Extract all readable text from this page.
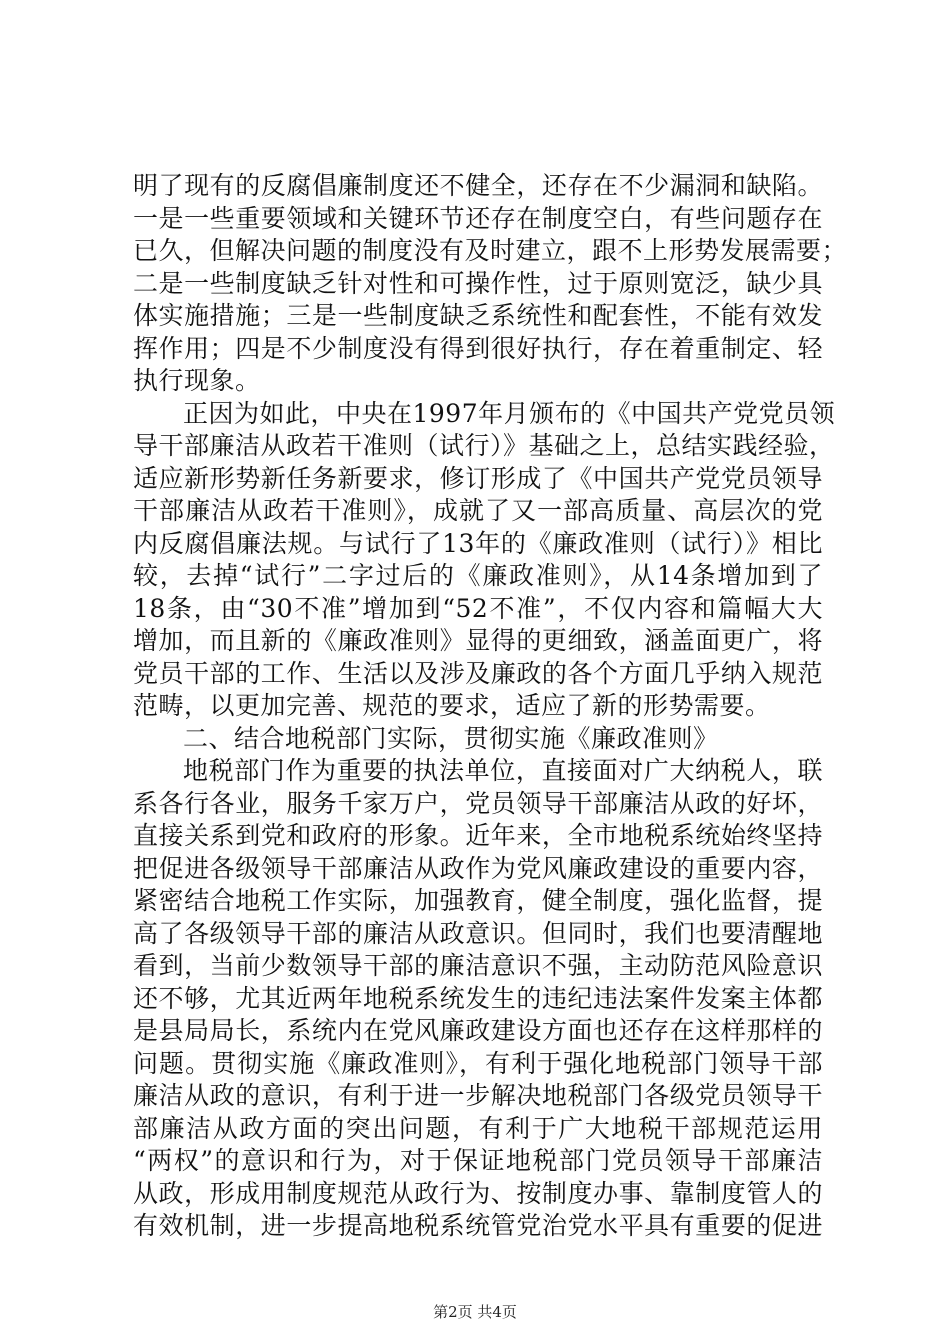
明了现有的反腐倡廉制度还不健全，还存在不少漏洞和缺陷。
一是一些重要领域和关键环节还存在制度空白，有些问题存在
已久，但解决问题的制度没有及时建立，跟不上形势发展需要；
二是一些制度缺乏针对性和可操作性，过于原则宽泛，缺少具
体实施措施；三是一些制度缺乏系统性和配套性，不能有效发
挥作用；四是不少制度没有得到很好执行，存在着重制定、轻
执行现象。
正因为如此，中央在1997年月颁布的《中国共产党党员领
导干部廉洁从政若干准则（试行）》基础之上，总结实践经验，
适应新形势新任务新要求，修订形成了《中国共产党党员领导
干部廉洁从政若干准则》，成就了又一部高质量、高层次的党
内反腐倡廉法规。与试行了13年的《廉政准则（试行）》相比
较，去掉“试行”二字过后的《廉政准则》，从14条增加到了
18条，由“30不准”增加到“52不准”，不仅内容和篇幅大大
增加，而且新的《廉政准则》显得的更细致，涵盖面更广，将
党员干部的工作、生活以及涉及廉政的各个方面几乎纳入规范
范畴，以更加完善、规范的要求，适应了新的形势需要。
二、结合地税部门实际，贯彻实施《廉政准则》
地税部门作为重要的执法单位，直接面对广大纳税人，联
系各行各业，服务千家万户，党员领导干部廉洁从政的好坏，
直接关系到党和政府的形象。近年来，全市地税系统始终坚持
把促进各级领导干部廉洁从政作为党风廉政建设的重要内容，
紧密结合地税工作实际，加强教育，健全制度，强化监督，提
高了各级领导干部的廉洁从政意识。但同时，我们也要清醒地
看到，当前少数领导干部的廉洁意识不强，主动防范风险意识
还不够，尤其近两年地税系统发生的违纪违法案件发案主体都
是县局局长，系统内在党风廉政建设方面也还存在这样那样的
问题。贯彻实施《廉政准则》，有利于强化地税部门领导干部
廉洁从政的意识，有利于进一步解决地税部门各级党员领导干
部廉洁从政方面的突出问题，有利于广大地税干部规范运用
“两权”的意识和行为，对于保证地税部门党员领导干部廉洁
从政，形成用制度规范从政行为、按制度办事、靠制度管人的
有效机制，进一步提高地税系统管党治党水平具有重要的促进
第2页 共4页
